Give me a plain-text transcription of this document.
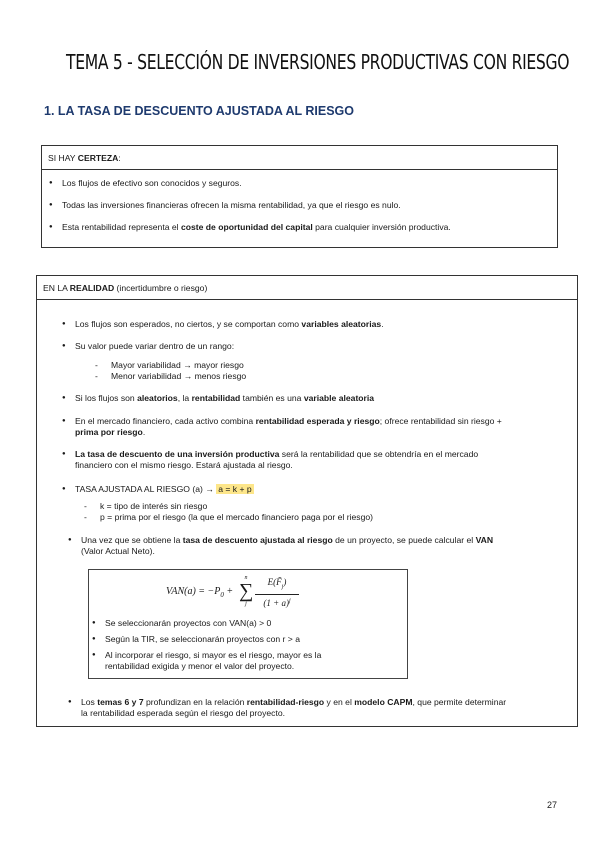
TEMA 5 - SELECCIÓN DE INVERSIONES PRODUCTIVAS CON RIESGO
1. LA TASA DE DESCUENTO AJUSTADA AL RIESGO
SI HAY CERTEZA:
● Los flujos de efectivo son conocidos y seguros.
● Todas las inversiones financieras ofrecen la misma rentabilidad, ya que el riesgo es nulo.
● Esta rentabilidad representa el coste de oportunidad del capital para cualquier inversión productiva.
EN LA REALIDAD (incertidumbre o riesgo)
● Los flujos son esperados, no ciertos, y se comportan como variables aleatorias.
● Su valor puede variar dentro de un rango:
- Mayor variabilidad → mayor riesgo
- Menor variabilidad → menos riesgo
● Si los flujos son aleatorios, la rentabilidad también es una variable aleatoria
● En el mercado financiero, cada activo combina rentabilidad esperada y riesgo; ofrece rentabilidad sin riesgo +
prima por riesgo.
● La tasa de descuento de una inversión productiva será la rentabilidad que se obtendría en el mercado
financiero con el mismo riesgo. Estará ajustada al riesgo.
● TASA AJUSTADA AL RIESGO (a) → a = k + p
- k = tipo de interés sin riesgo
- p = prima por el riesgo (la que el mercado financiero paga por el riesgo)
● Una vez que se obtiene la tasa de descuento ajustada al riesgo de un proyecto, se puede calcular el VAN
(Valor Actual Neto).
$VAN(a) = -P_0$ +
n
∑
j
$E(F̃_j)$
$(1 + a)^j$
● Se seleccionarán proyectos con VAN(a) > 0
● Según la TIR, se seleccionarán proyectos con r > a
● Al incorporar el riesgo, si mayor es el riesgo, mayor es la
rentabilidad exigida y menor el valor del proyecto.
● Los temas 6 y 7 profundizan en la relación rentabilidad-riesgo y en el modelo CAPM, que permite determinar
la rentabilidad esperada según el riesgo del proyecto.
27
